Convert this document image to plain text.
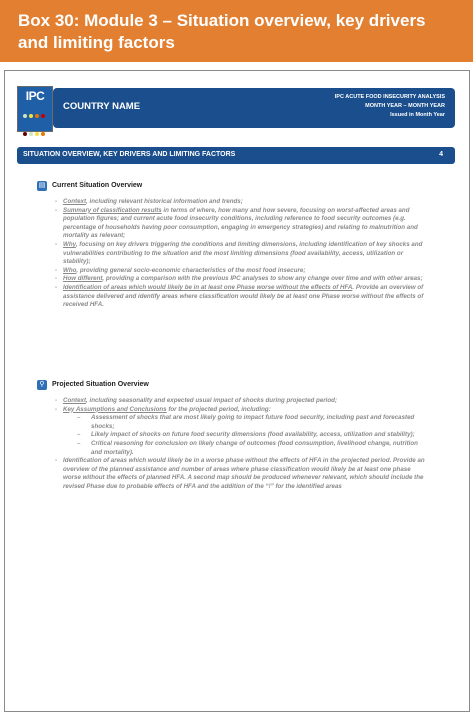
Box 30: Module 3 – Situation overview, key drivers and limiting factors
IPC

COUNTRY NAME
IPC ACUTE FOOD INSECURITY ANALYSIS
MONTH YEAR – MONTH YEAR
Issued in Month Year
SITUATION OVERVIEW, KEY DRIVERS AND LIMITING FACTORS	4
▤ Current Situation Overview
- Context, including relevant historical information and trends;
- Summary of classification results in terms of where, how many and how severe, focusing on worst-affected areas and population figures; and current acute food insecurity conditions, including reference to food security outcomes (e.g. percentage of households having poor consumption, engaging in emergency strategies) and relating to malnutrition and mortality as relevant;
- Why, focusing on key drivers triggering the conditions and limiting dimensions, including identification of key shocks and vulnerabilities contributing to the situation and the most limiting dimensions (food availability, access, utilization or stability);
- Who, providing general socio-economic characteristics of the most food insecure;
- How different, providing a comparison with the previous IPC analyses to show any change over time and with other areas;
- Identification of areas which would likely be in at least one Phase worse without the effects of HFA. Provide an overview of assistance delivered and identify areas where classification would likely be at least one Phase worse without the effects of received HFA.
⚲	Projected Situation Overview
- Context, including seasonality and expected usual impact of shocks during projected period;
- Key Assumptions and Conclusions for the projected period, including:
– Assessment of shocks that are most likely going to impact future food security, including past and forecasted shocks;
– Likely impact of shocks on future food security dimensions (food availability, access, utilization and stability);
– Critical reasoning for conclusion on likely change of outcomes (food consumption, livelihood change, nutrition and mortality).
- Identification of areas which would likely be in a worse phase without the effects of HFA in the projected period. Provide an overview of the planned assistance and number of areas where phase classification would likely be at least one phase worse without the effects of planned HFA. A second map should be produced whenever relevant, which should include the revised Phase due to probable effects of HFA and the addition of the “!” for the identified areas
